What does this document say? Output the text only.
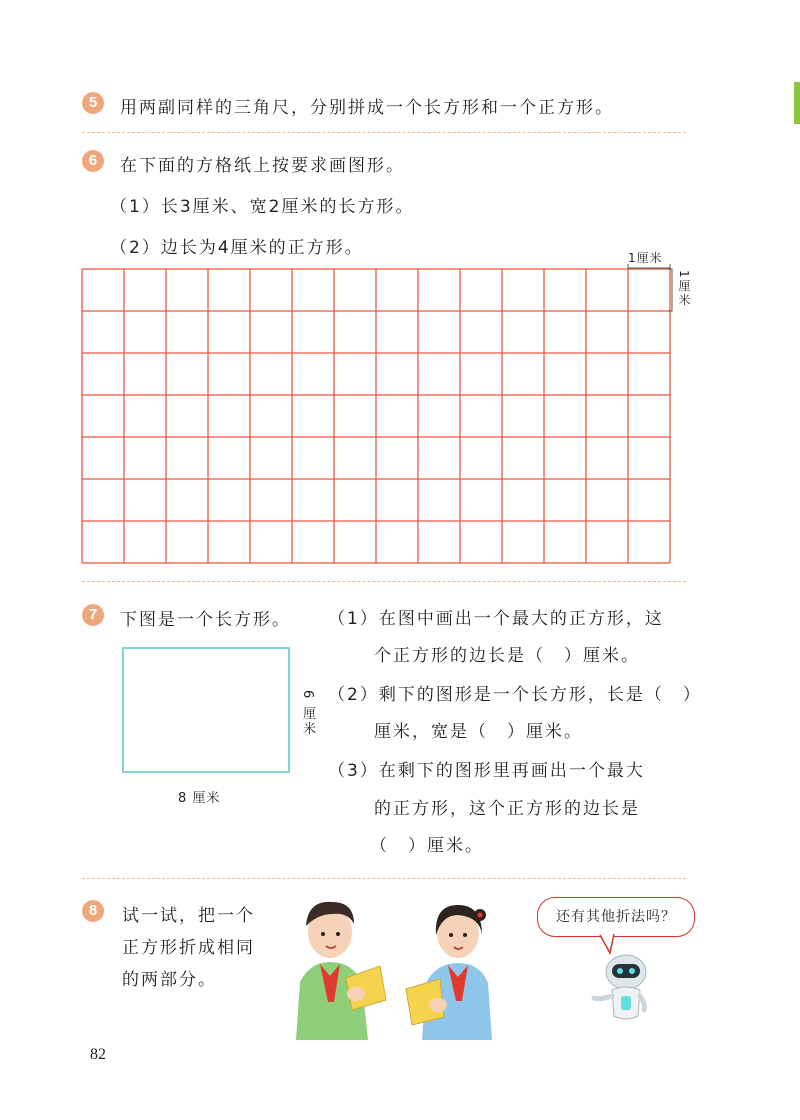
5	用两副同样的三角尺，分别拼成一个长方形和一个正方形。
6	在下面的方格纸上按要求画图形。
（1）长3厘米、宽2厘米的长方形。
（2）边长为4厘米的正方形。	1厘米
1厘米
7	下图是一个长方形。
8 厘米
6 厘米
（1）在图中画出一个最大的正方形，这
个正方形的边长是（　）厘米。
（2）剩下的图形是一个长方形，长是（　）
厘米，宽是（　）厘米。
（3）在剩下的图形里再画出一个最大
的正方形，这个正方形的边长是
（　）厘米。
8	试一试，把一个
正方形折成相同
的两部分。
还有其他折法吗？
82
